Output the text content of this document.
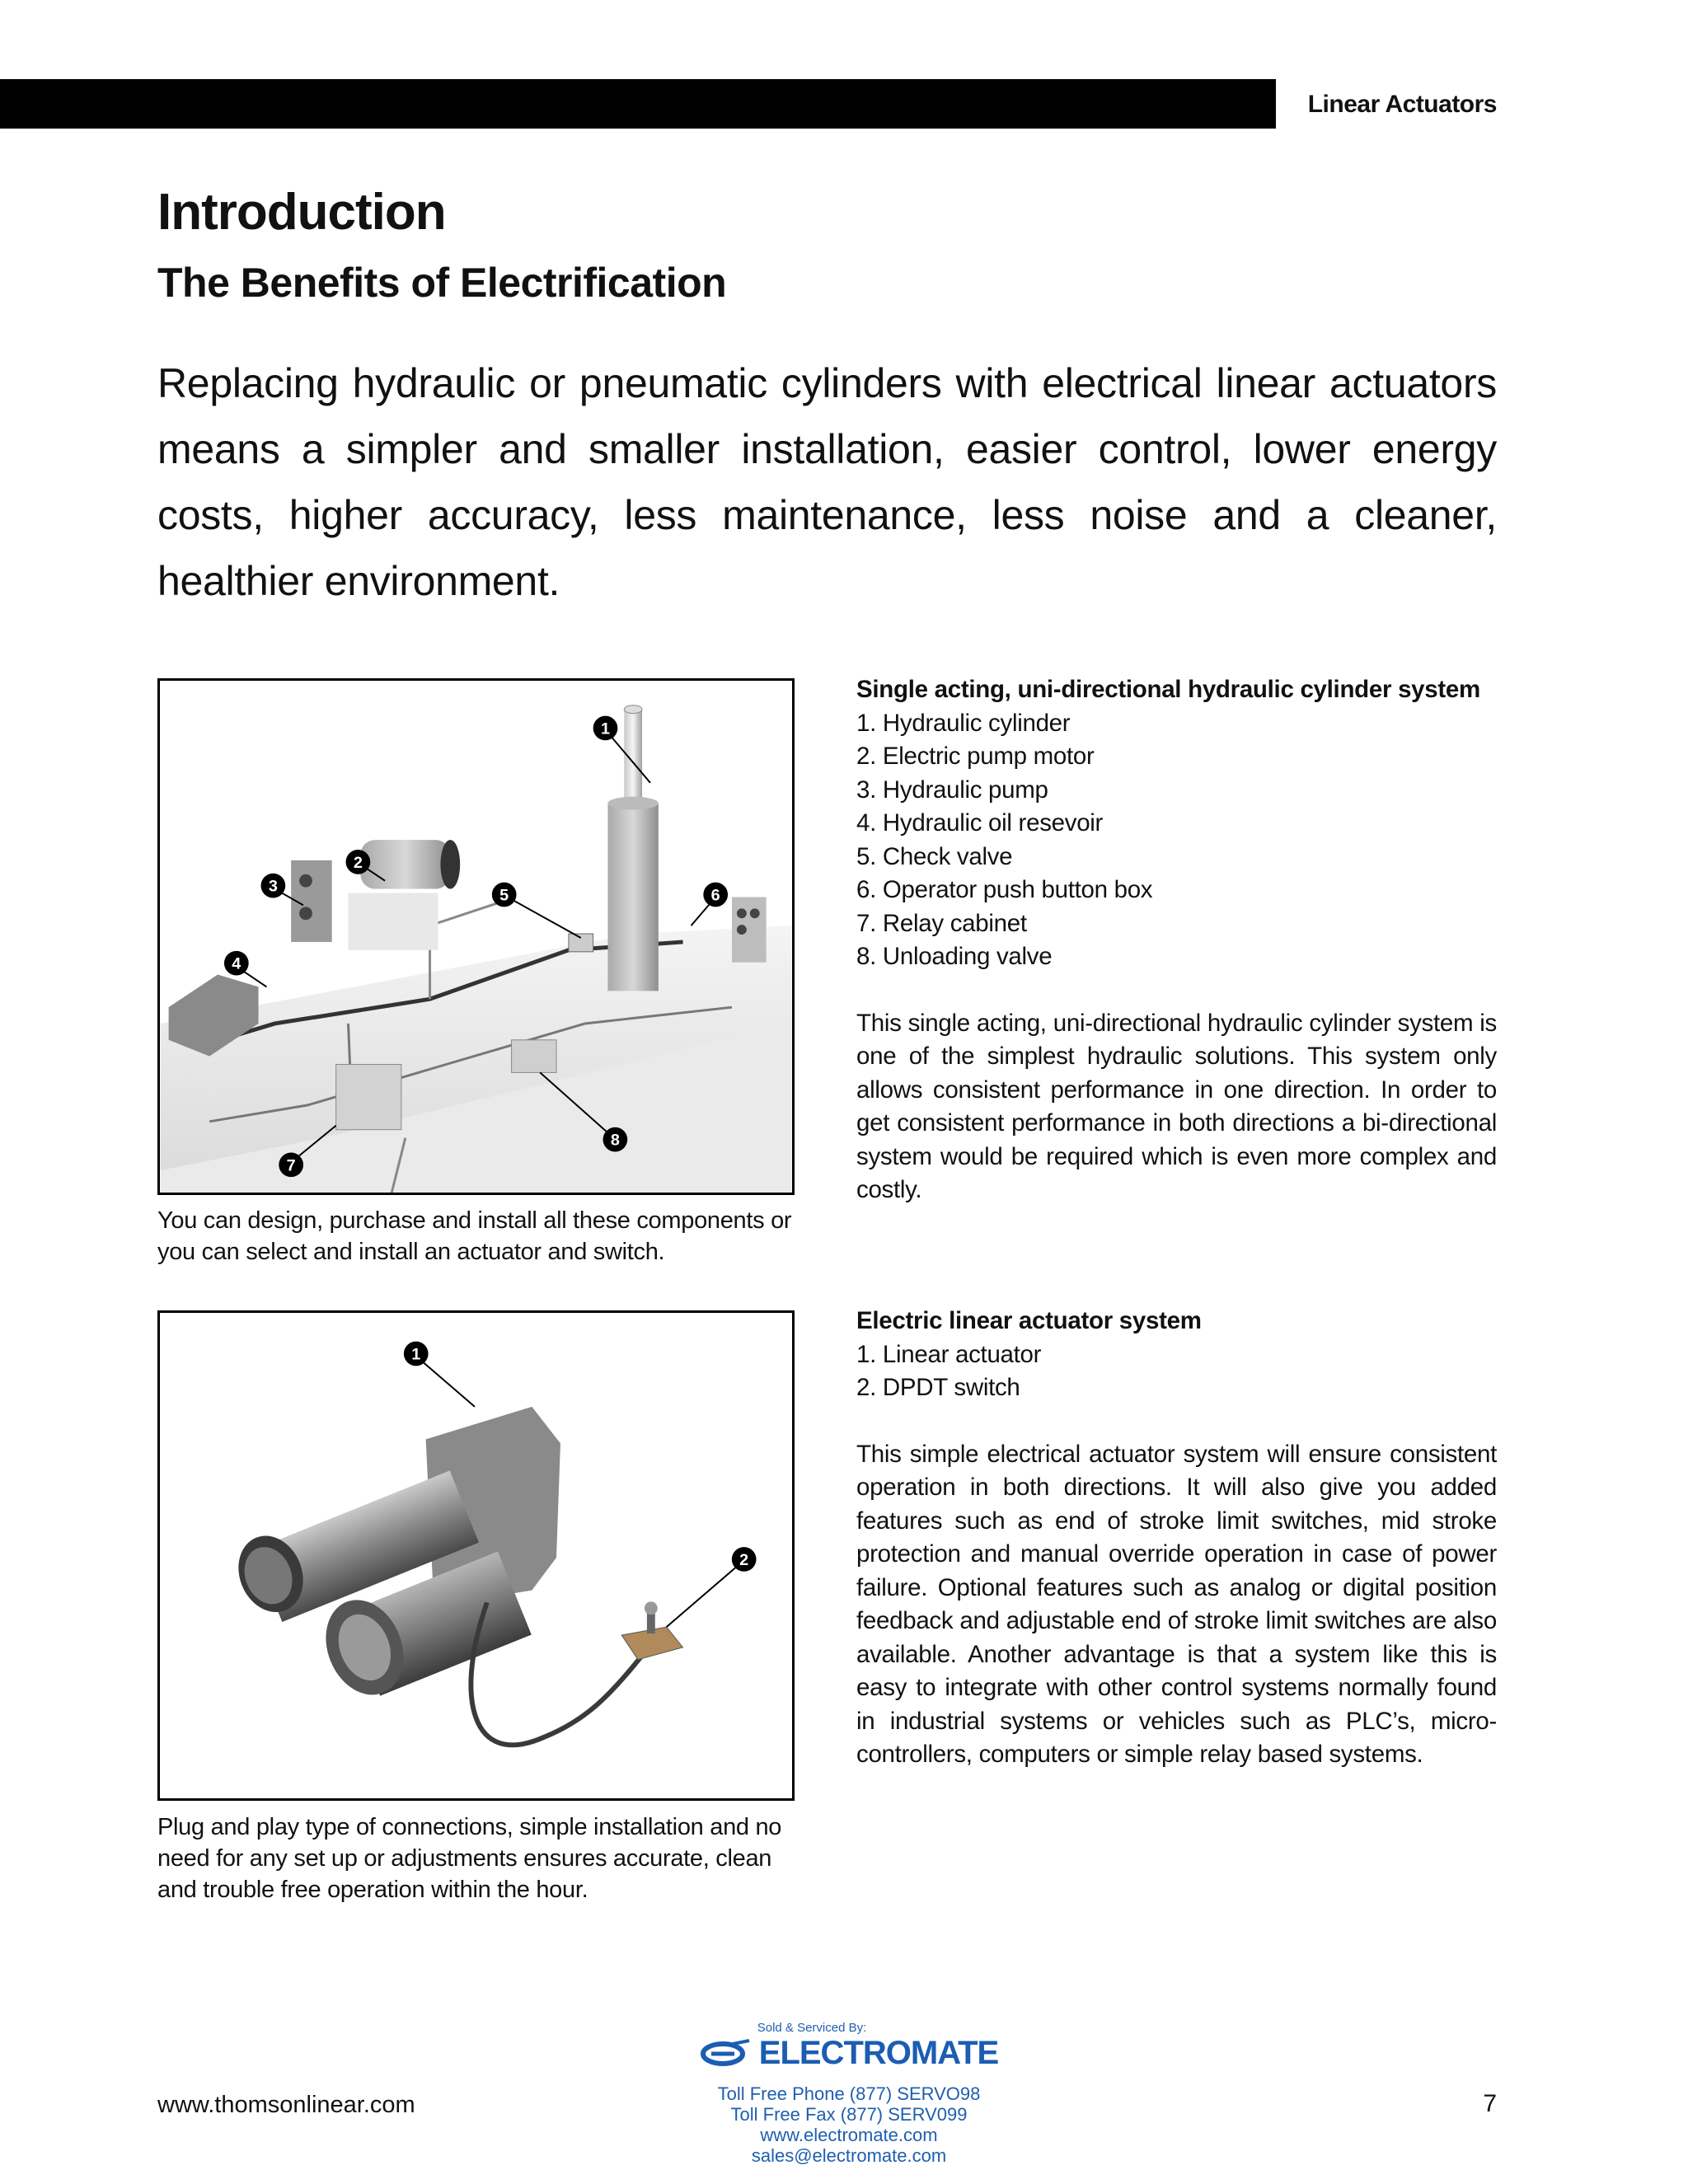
Linear Actuators
Introduction
The Benefits of Electrification

Replacing hydraulic or pneumatic cylinders with electrical linear actuators means a simpler and smaller installation, easier control, lower energy costs, higher accuracy, less maintenance, less noise and a cleaner, healthier environment.

1
2
3
4
5	6
7
8

You can design, purchase and install all these components or you can select and install an actuator and switch.

Single acting, uni-directional hydraulic cylinder system

1. Hydraulic cylinder
2. Electric pump motor
3. Hydraulic pump
4. Hydraulic oil resevoir
5. Check valve
6. Operator push button box
7. Relay cabinet
8. Unloading valve

This single acting, uni-directional hydraulic cylinder system is one of the simplest hydraulic solutions. This system only allows consistent performance in one direction. In order to get consistent performance in both directions a bi-directional system would be required which is even more complex and costly.

1
2

Plug and play type of connections, simple installation and no need for any set up or adjustments ensures accurate, clean and trouble free operation within the hour.

Electric linear actuator system

1. Linear actuator
2. DPDT switch

This simple electrical actuator system will ensure consistent operation in both directions. It will also give you added features such as end of stroke limit switches, mid stroke protection and manual override operation in case of power failure. Optional features such as analog or digital position feedback and adjustable end of stroke limit switches are also available. Another advantage is that a system like this is easy to integrate with other control systems normally found in industrial systems or vehicles such as PLC’s, micro-controllers, computers or simple relay based systems.

www.thomsonlinear.com
Sold & Serviced By:
ELECTROMATE
Toll Free Phone (877) SERVO98
Toll Free Fax (877) SERV099
www.electromate.com
sales@electromate.com
7
